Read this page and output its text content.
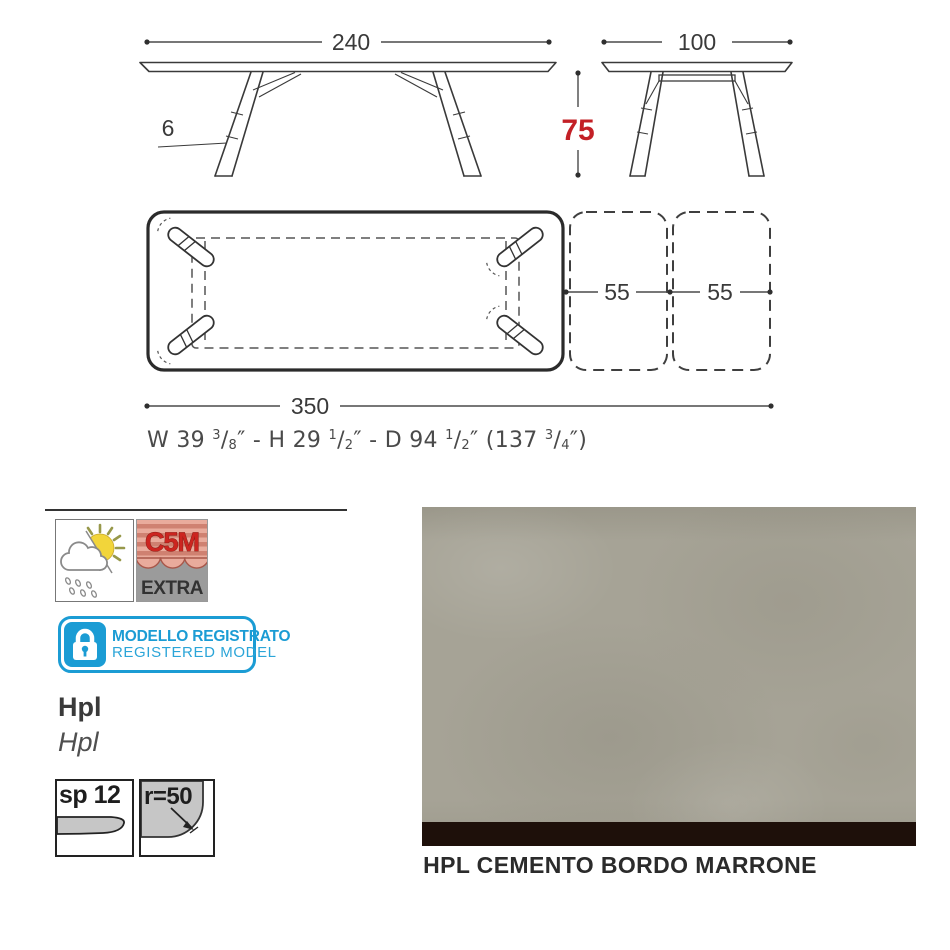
240
6	75
100
55	55
350
W 39 $^3$/8″ - H 29 $^1$/2″ - D 94 $^1$/2″ (137 $^3$/4″)
C5M
EXTRA
MODELLO REGISTRATO
REGISTERED MODEL
Hpl
Hpl
sp 12 r=50
HPL CEMENTO BORDO MARRONE
